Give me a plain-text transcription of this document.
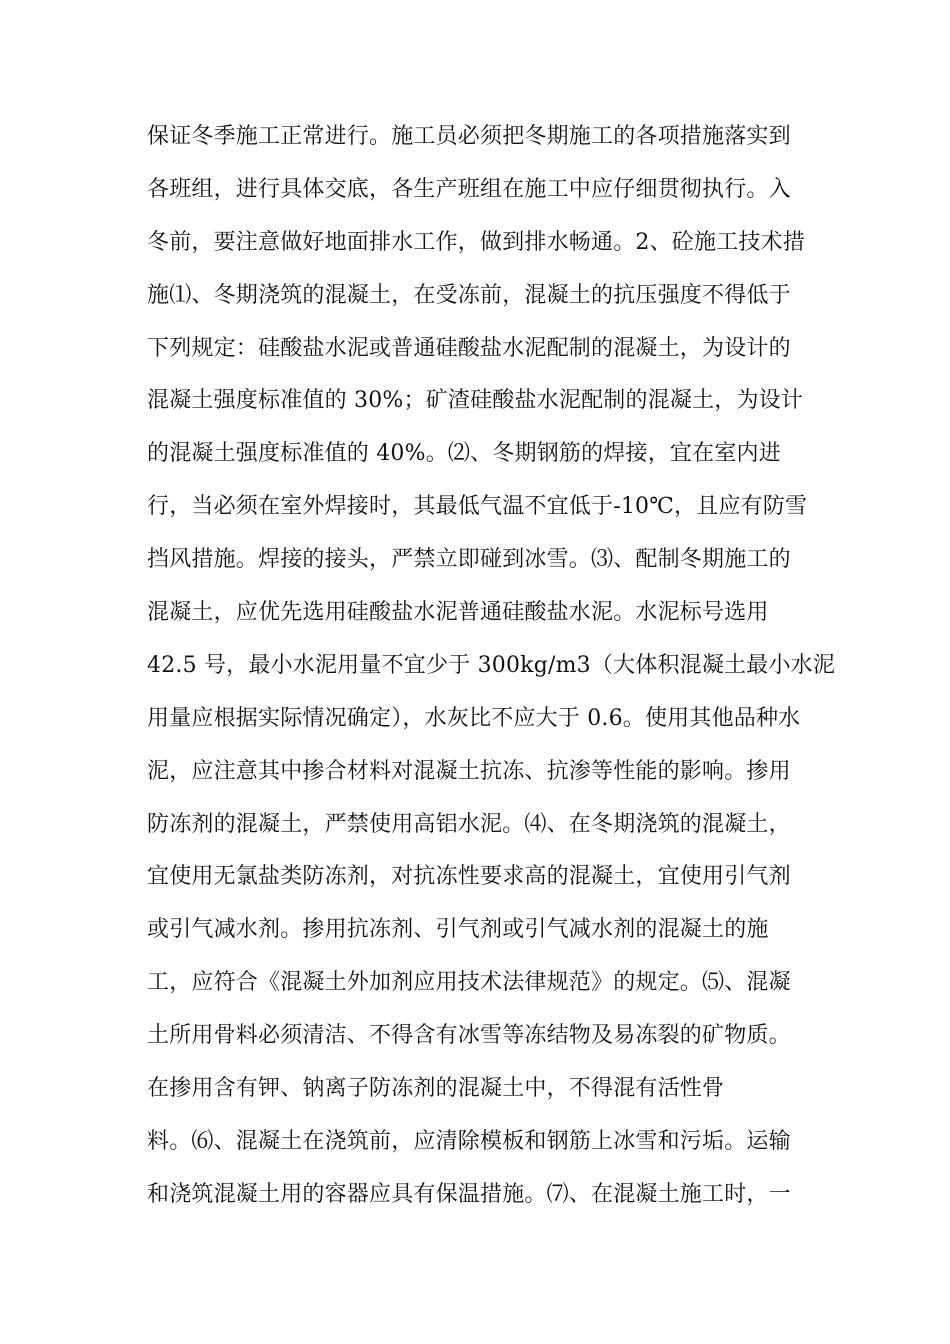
保证冬季施工正常进行。施工员必须把冬期施工的各项措施落实到
各班组，进行具体交底，各生产班组在施工中应仔细贯彻执行。入
冬前，要注意做好地面排水工作，做到排水畅通。2、砼施工技术措
施⑴、冬期浇筑的混凝土，在受冻前，混凝土的抗压强度不得低于
下列规定：硅酸盐水泥或普通硅酸盐水泥配制的混凝土，为设计的
混凝土强度标准值的 30%；矿渣硅酸盐水泥配制的混凝土，为设计
的混凝土强度标准值的 40%。⑵、冬期钢筋的焊接，宜在室内进
行，当必须在室外焊接时，其最低气温不宜低于-10℃，且应有防雪
挡风措施。焊接的接头，严禁立即碰到冰雪。⑶、配制冬期施工的
混凝土，应优先选用硅酸盐水泥普通硅酸盐水泥。水泥标号选用
42.5 号，最小水泥用量不宜少于 300kg/m3（大体积混凝土最小水泥
用量应根据实际情况确定），水灰比不应大于 0.6。使用其他品种水
泥，应注意其中掺合材料对混凝土抗冻、抗渗等性能的影响。掺用
防冻剂的混凝土，严禁使用高铝水泥。⑷、在冬期浇筑的混凝土，
宜使用无氯盐类防冻剂，对抗冻性要求高的混凝土，宜使用引气剂
或引气减水剂。掺用抗冻剂、引气剂或引气减水剂的混凝土的施
工，应符合《混凝土外加剂应用技术法律规范》的规定。⑸、混凝
土所用骨料必须清洁、不得含有冰雪等冻结物及易冻裂的矿物质。
在掺用含有钾、钠离子防冻剂的混凝土中，不得混有活性骨
料。⑹、混凝土在浇筑前，应清除模板和钢筋上冰雪和污垢。运输
和浇筑混凝土用的容器应具有保温措施。⑺、在混凝土施工时，一
